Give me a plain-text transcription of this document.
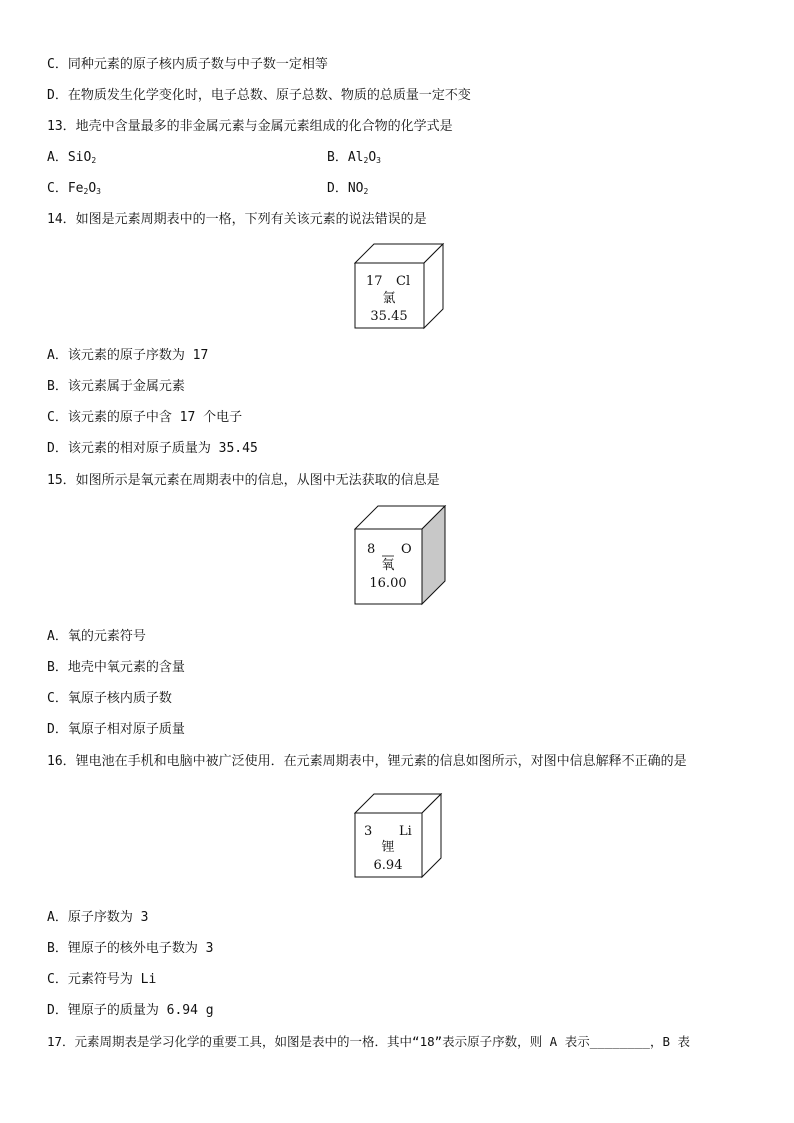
C．同种元素的原子核内质子数与中子数一定相等
D．在物质发生化学变化时，电子总数、原子总数、物质的总质量一定不变
13．地壳中含量最多的非金属元素与金属元素组成的化合物的化学式是
A．SiO$_2$	B．$Al_2O_3$
C．$Fe_2O_3$	D．$NO_2$
14．如图是元素周期表中的一格，下列有关该元素的说法错误的是
17 Cl
氯
35.45
A．该元素的原子序数为 17
B．该元素属于金属元素
C．该元素的原子中含 17 个电子
D．该元素的相对原子质量为 35.45
15．如图所示是氧元素在周期表中的信息，从图中无法获取的信息是
8 O
氧
16.00
A．氧的元素符号
B．地壳中氧元素的含量
C．氧原子核内质子数
D．氧原子相对原子质量
16．锂电池在手机和电脑中被广泛使用．在元素周期表中，锂元素的信息如图所示，对图中信息解释不正确的是
3 Li
锂
6.94
A．原子序数为 3
B．锂原子的核外电子数为 3
C．元素符号为 Li
D．锂原子的质量为 6.94 g
17．元素周期表是学习化学的重要工具，如图是表中的一格．其中“18”表示原子序数，则 A 表示________，B 表
